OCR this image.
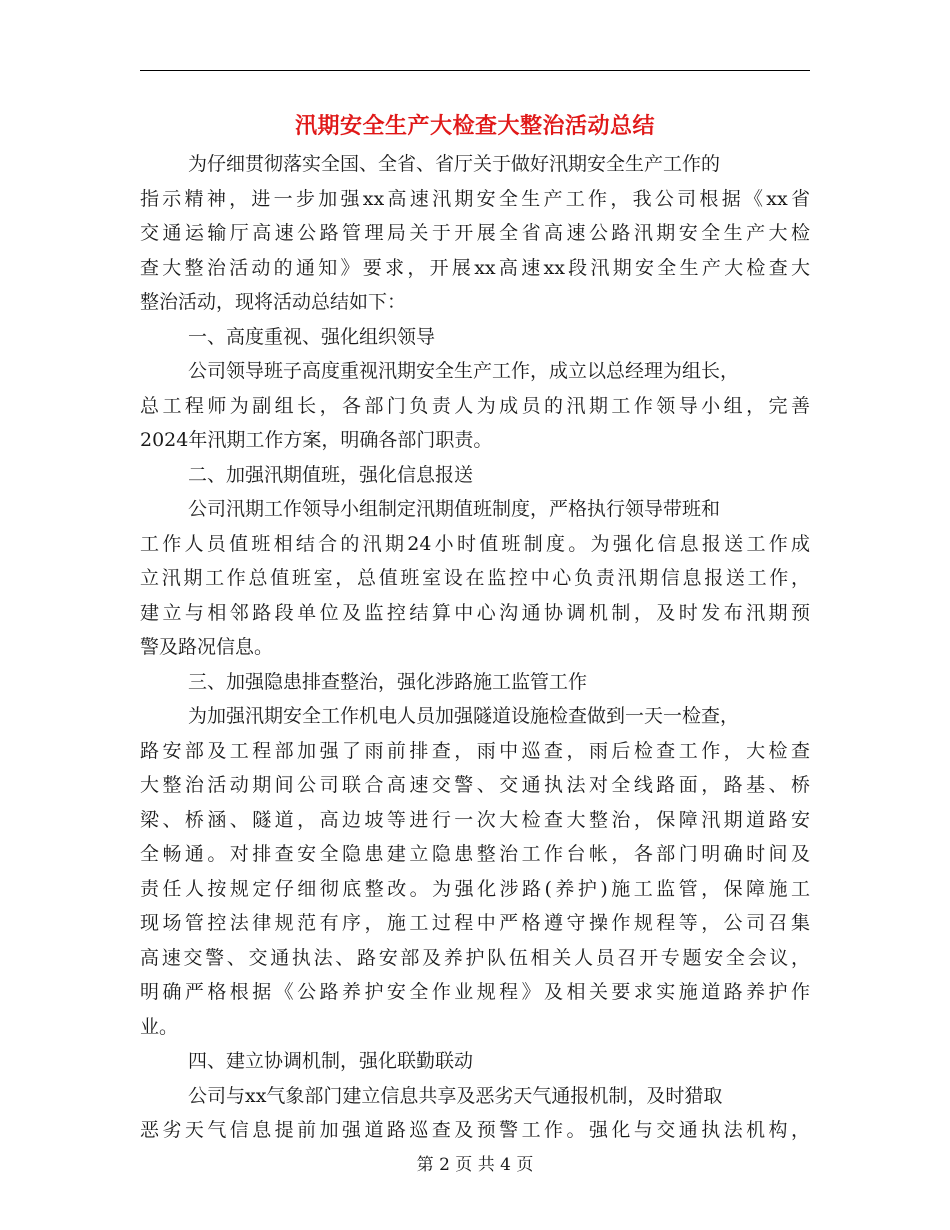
汛期安全生产大检查大整治活动总结
为仔细贯彻落实全国、全省、省厅关于做好汛期安全生产工作的
指示精神，进一步加强xx高速汛期安全生产工作，我公司根据《xx省
交通运输厅高速公路管理局关于开展全省高速公路汛期安全生产大检
查大整治活动的通知》要求，开展xx高速xx段汛期安全生产大检查大
整治活动，现将活动总结如下：
一、高度重视、强化组织领导
公司领导班子高度重视汛期安全生产工作，成立以总经理为组长，
总工程师为副组长，各部门负责人为成员的汛期工作领导小组，完善
2024年汛期工作方案，明确各部门职责。
二、加强汛期值班，强化信息报送
公司汛期工作领导小组制定汛期值班制度，严格执行领导带班和
工作人员值班相结合的汛期24小时值班制度。为强化信息报送工作成
立汛期工作总值班室，总值班室设在监控中心负责汛期信息报送工作，
建立与相邻路段单位及监控结算中心沟通协调机制，及时发布汛期预
警及路况信息。
三、加强隐患排查整治，强化涉路施工监管工作
为加强汛期安全工作机电人员加强隧道设施检查做到一天一检查，
路安部及工程部加强了雨前排查，雨中巡查，雨后检查工作，大检查
大整治活动期间公司联合高速交警、交通执法对全线路面，路基、桥
梁、桥涵、隧道，高边坡等进行一次大检查大整治，保障汛期道路安
全畅通。对排查安全隐患建立隐患整治工作台帐，各部门明确时间及
责任人按规定仔细彻底整改。为强化涉路(养护)施工监管，保障施工
现场管控法律规范有序，施工过程中严格遵守操作规程等，公司召集
高速交警、交通执法、路安部及养护队伍相关人员召开专题安全会议，
明确严格根据《公路养护安全作业规程》及相关要求实施道路养护作
业。
四、建立协调机制，强化联勤联动
公司与xx气象部门建立信息共享及恶劣天气通报机制，及时猎取
恶劣天气信息提前加强道路巡查及预警工作。强化与交通执法机构，
第 2 页 共 4 页
